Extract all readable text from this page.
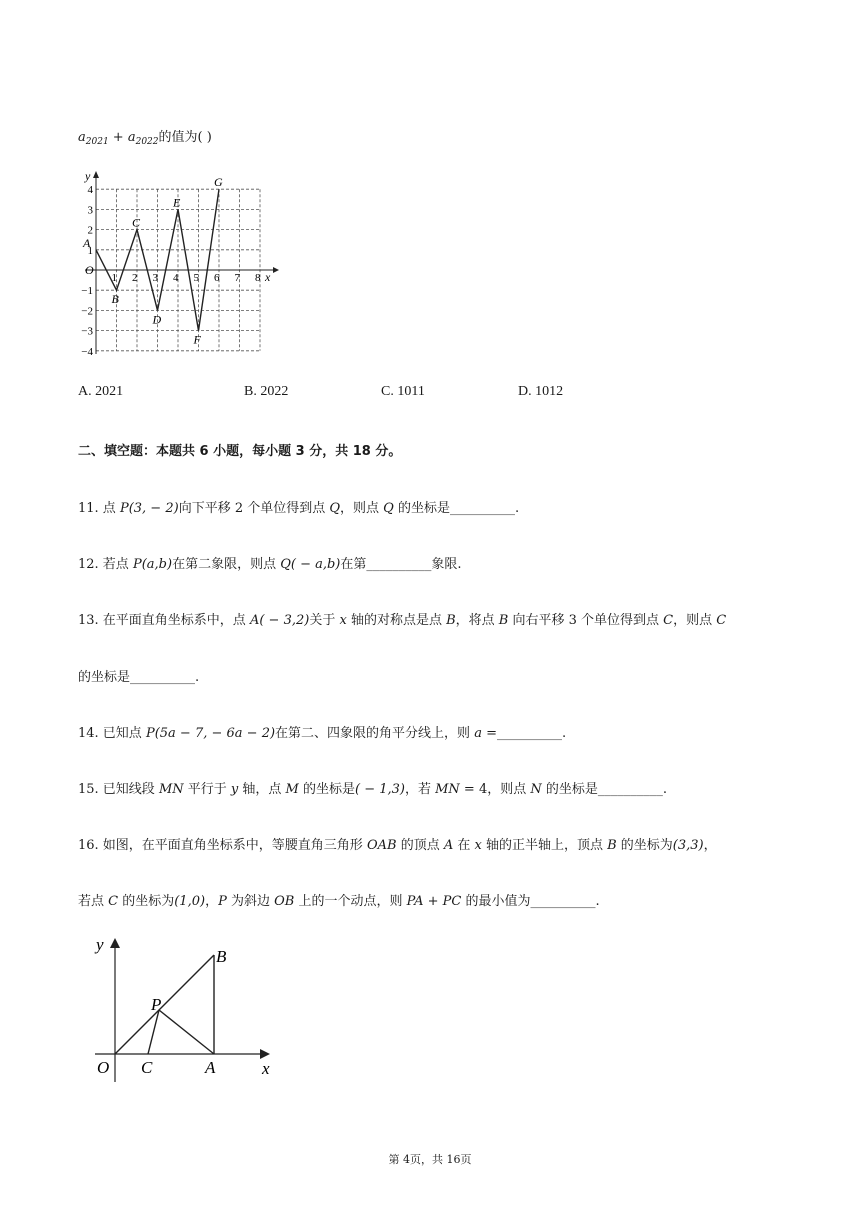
$a_{2021} + a_{2022}$的值为( )
y
x
O
1 2 3 4 5 6 7 8
4
3
2
1
−1
−2
−3
−4
A
B
C
D
E
F
G
A. 2021	B. 2022	C. 1011	D. 1012
二、填空题：本题共 6 小题，每小题 3 分，共 18 分。
11. 点 P(3, − 2)向下平移 2 个单位得到点 Q，则点 Q 的坐标是__________.
12. 若点 P(a,b)在第二象限，则点 Q( − a,b)在第__________象限.
13. 在平面直角坐标系中，点 A( − 3,2)关于 x 轴的对称点是点 B，将点 B 向右平移 3 个单位得到点 C，则点 C
的坐标是__________.
14. 已知点 P(5a − 7, − 6a − 2)在第二、四象限的角平分线上，则 a =__________.
15. 已知线段 MN 平行于 y 轴，点 M 的坐标是( − 1,3)，若 MN = 4，则点 N 的坐标是__________.
16. 如图，在平面直角坐标系中，等腰直角三角形 OAB 的顶点 A 在 x 轴的正半轴上，顶点 B 的坐标为(3,3)，
若点 C 的坐标为(1,0)，P 为斜边 OB 上的一个动点，则 PA + PC 的最小值为__________.
y
x
O C	A
B
P
第 4页，共 16页
